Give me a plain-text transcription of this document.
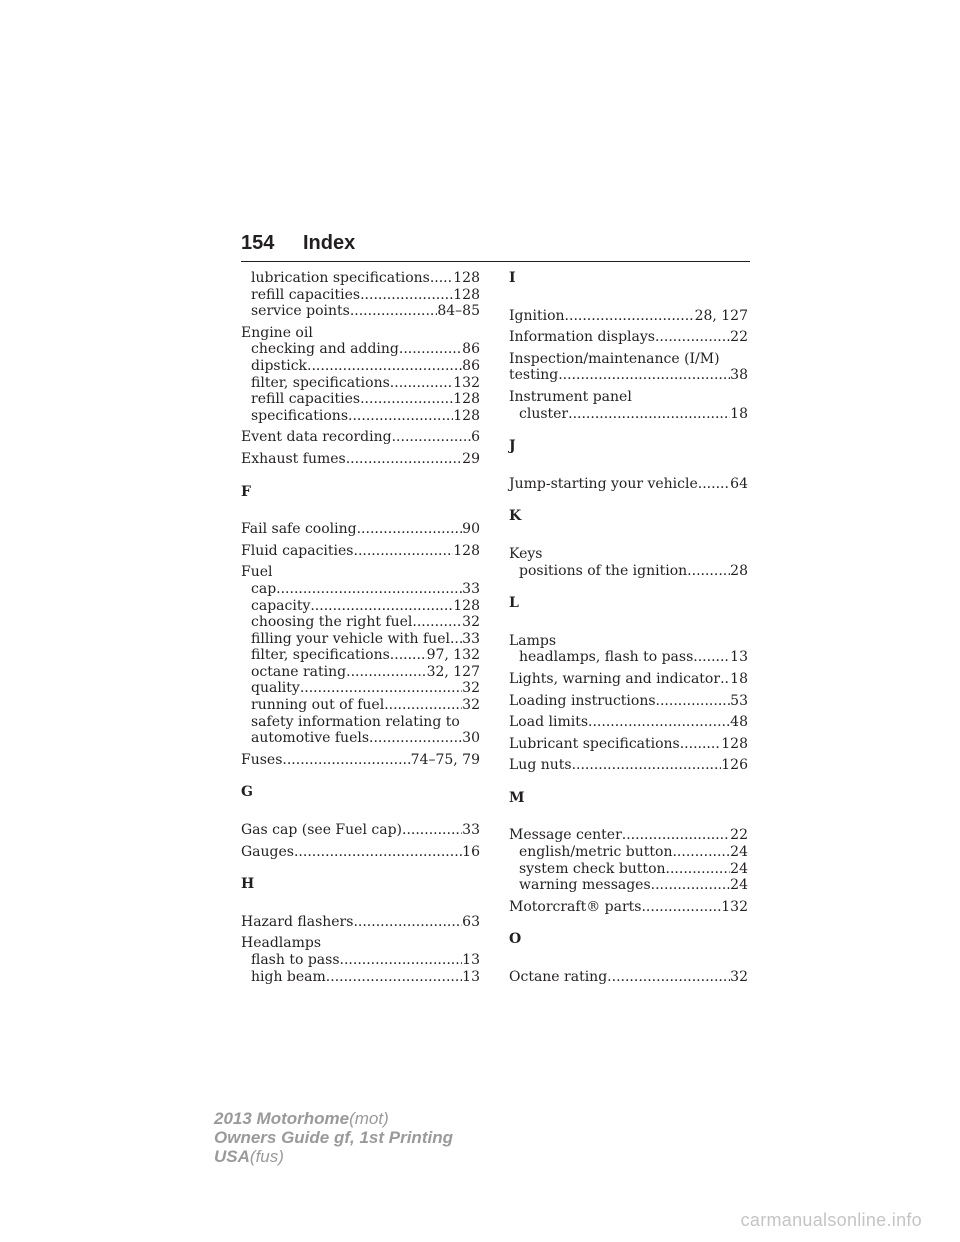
154 Index
lubrication specifications ..... 128
refill capacities .....	128
service points .....	84–85
Engine oil
checking and adding .....	86
dipstick .....	86
filter, specifications .....	132
refill capacities .....	128
specifications .....	128
Event data recording .....	6
Exhaust fumes .....	29
F
Fail safe cooling .....	90
Fluid capacities .....	128
Fuel
cap .....	33
capacity .....	128
choosing the right fuel .....	32
filling your vehicle with fuel ..... 33
filter, specifications .....	97, 132
octane rating .....	32, 127
quality .....	32
running out of fuel .....	32
safety information relating to
automotive fuels .....	30
Fuses .....	74–75, 79
G
Gas cap (see Fuel cap) .....	33
Gauges .....	16
H
Hazard flashers .....	63
Headlamps
flash to pass .....	13
high beam .....	13
I
Ignition .....	28, 127
Information displays .....	22
Inspection/maintenance (I/M)
testing .....	38
Instrument panel
cluster .....	18
J
Jump-starting your vehicle ..... 64
K
Keys
positions of the ignition .....	28
L
Lamps
headlamps, flash to pass .....	13
Lights, warning and indicator ..... 18
Loading instructions .....	53
Load limits .....	48
Lubricant specifications .....	128
Lug nuts .....	126
M
Message center .....	22
english/metric button .....	24
system check button .....	24
warning messages .....	24
Motorcraft® parts .....	132
O
Octane rating .....	32
2013 Motorhome(mot)
Owners Guide gf, 1st Printing
USA(fus)
carmanualsonline.info
